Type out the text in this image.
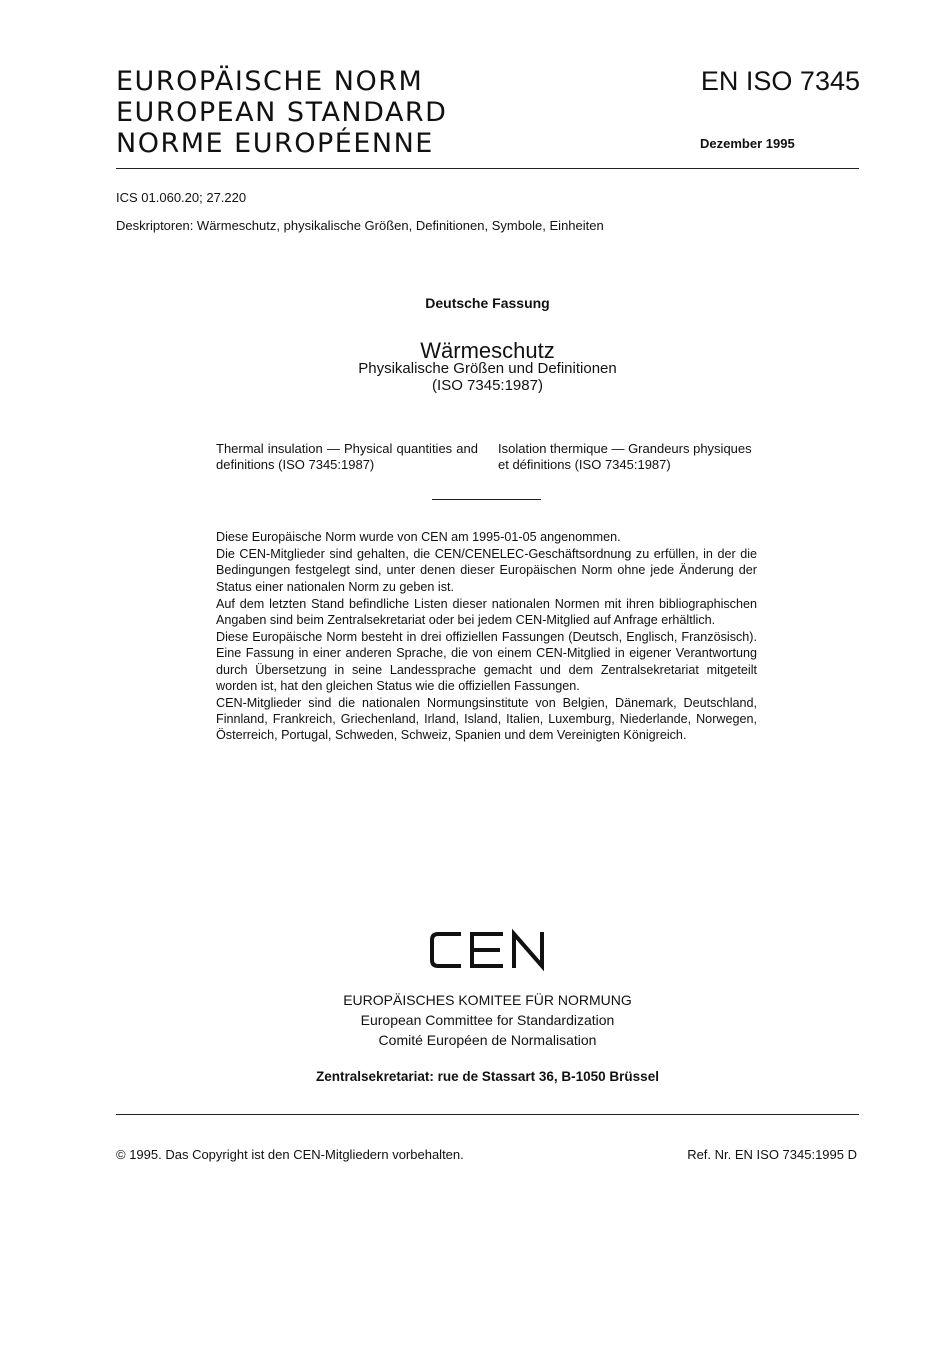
EUROPÄISCHE NORM
EUROPEAN STANDARD
NORME EUROPÉENNE
EN ISO 7345
Dezember 1995
ICS 01.060.20; 27.220
Deskriptoren: Wärmeschutz, physikalische Größen, Definitionen, Symbole, Einheiten
Deutsche Fassung
Wärmeschutz
Physikalische Größen und Definitionen
(ISO 7345:1987)
Thermal insulation — Physical quantities and definitions (ISO 7345:1987)
Isolation thermique — Grandeurs physiques et définitions (ISO 7345:1987)

Diese Europäische Norm wurde von CEN am 1995-01-05 angenommen.

Die CEN-Mitglieder sind gehalten, die CEN/CENELEC-Geschäftsordnung zu erfüllen, in der die Bedingungen festgelegt sind, unter denen dieser Europäischen Norm ohne jede Änderung der Status einer nationalen Norm zu geben ist.

Auf dem letzten Stand befindliche Listen dieser nationalen Normen mit ihren bibliographischen Angaben sind beim Zentralsekretariat oder bei jedem CEN-Mitglied auf Anfrage erhältlich.

Diese Europäische Norm besteht in drei offiziellen Fassungen (Deutsch, Englisch, Französisch). Eine Fassung in einer anderen Sprache, die von einem CEN-Mitglied in eigener Verantwortung durch Übersetzung in seine Landessprache gemacht und dem Zentralsekretariat mitgeteilt worden ist, hat den gleichen Status wie die offiziellen Fassungen.

CEN-Mitglieder sind die nationalen Normungsinstitute von Belgien, Dänemark, Deutschland, Finnland, Frankreich, Griechenland, Irland, Island, Italien, Luxemburg, Niederlande, Norwegen, Österreich, Portugal, Schweden, Schweiz, Spanien und dem Vereinigten Königreich.

EUROPÄISCHES KOMITEE FÜR NORMUNG
European Committee for Standardization
Comité Européen de Normalisation
Zentralsekretariat: rue de Stassart 36, B-1050 Brüssel
© 1995. Das Copyright ist den CEN-Mitgliedern vorbehalten.	Ref. Nr. EN ISO 7345:1995 D
